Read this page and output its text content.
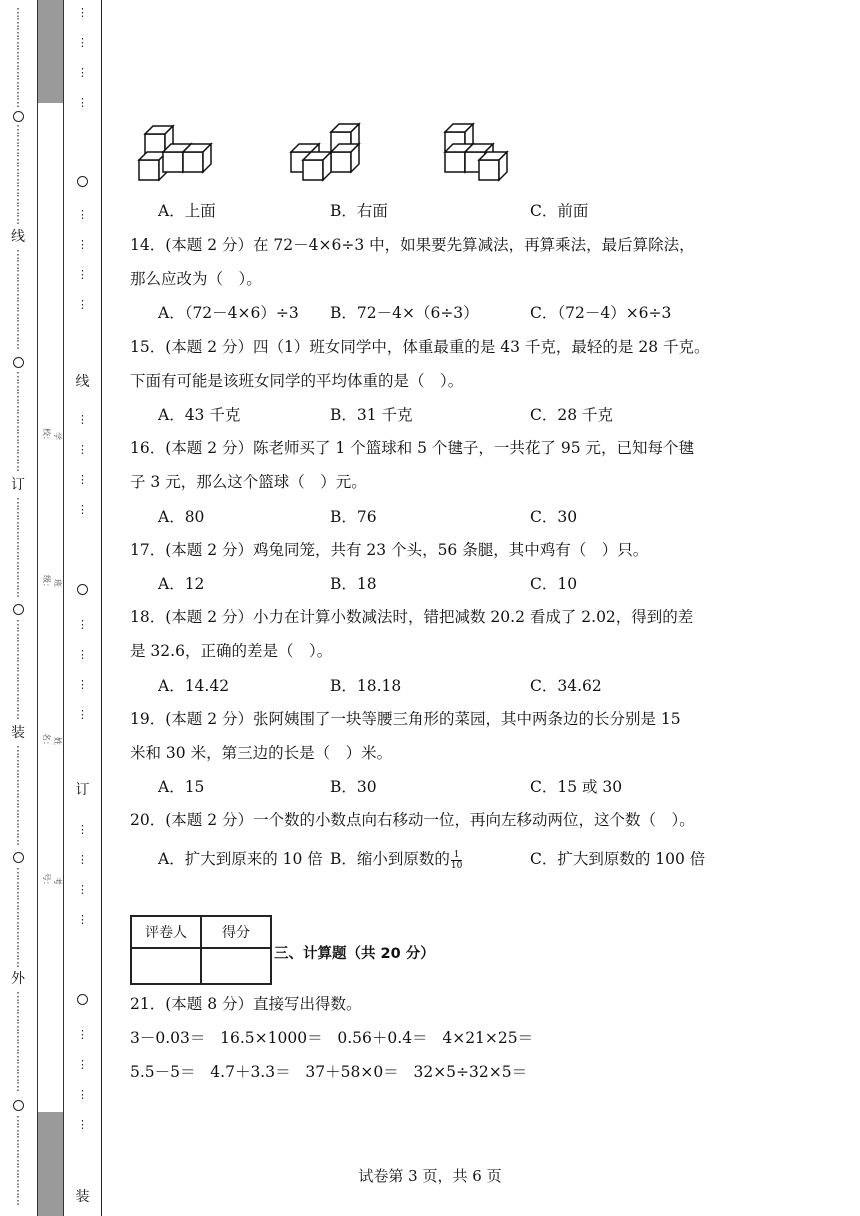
⋮
⋮
⋮
⋮
⋮
⋮
⋮
⋮
⋮
⋮
⋮
⋮
⋮
⋮
⋮
⋮
⋮
⋮
⋮
⋮
线
⋮
⋮
⋮
⋮
⋮
⋮
⋮
⋮
⋮
⋮
⋮
⋮
⋮
⋮
⋮
⋮
⋮
⋮
⋮
⋮
订
⋮
⋮
⋮
⋮
⋮
⋮
⋮
⋮
⋮
⋮
⋮
⋮
⋮
⋮
⋮
⋮
⋮
⋮
⋮
⋮
装
⋮
⋮
⋮
⋮
⋮
⋮
⋮
⋮
⋮
⋮
⋮
⋮
⋮
⋮
⋮
⋮
⋮
⋮
⋮
⋮
外
⋮
⋮
⋮
⋮
⋮
⋮
⋮
⋮
⋮
⋮
⋮
⋮
⋮
⋮
⋮
⋮
⋮
⋮
⋮
学校：
班级：
姓名：
考号：
⋮

⋮

⋮

⋮
⋮

⋮

⋮

⋮
线
⋮

⋮

⋮

⋮
⋮

⋮

⋮

⋮
订
⋮

⋮

⋮

⋮
⋮

⋮

⋮

⋮
装
A．上面	B．右面	C．前面
14．(本题 2 分）在 72－4×6÷3 中，如果要先算减法，再算乘法，最后算除法，
那么应改为（　）。
A．（72－4×6）÷3 B．72－4×（6÷3）	C．（72－4）×6÷3
15．(本题 2 分）四（1）班女同学中，体重最重的是 43 千克，最轻的是 28 千克。
下面有可能是该班女同学的平均体重的是（　）。
A．43 千克	B．31 千克	C．28 千克
16．(本题 2 分）陈老师买了 1 个篮球和 5 个毽子，一共花了 95 元，已知每个毽
子 3 元，那么这个篮球（　）元。
A．80	B．76	C．30
17．(本题 2 分）鸡兔同笼，共有 23 个头，56 条腿，其中鸡有（　）只。
A．12	B．18	C．10
18．(本题 2 分）小力在计算小数减法时，错把减数 20.2 看成了 2.02，得到的差
是 32.6，正确的差是（　）。
A．14.42	B．18.18	C．34.62
19．(本题 2 分）张阿姨围了一块等腰三角形的菜园，其中两条边的长分别是 15
米和 30 米，第三边的长是（　）米。
A．15	B．30	C．15 或 30
20．(本题 2 分）一个数的小数点向右移动一位，再向左移动两位，这个数（　）。
A．扩大到原来的 10 倍 B．缩小到原数的 $\frac{1}{10}$	C．扩大到原数的 100 倍
评卷人	得分

三、计算题（共 20 分）
21．(本题 8 分）直接写出得数。
3－0.03＝ 16.5×1000＝ 0.56＋0.4＝ 4×21×25＝
5.5－5＝ 4.7＋3.3＝ 37＋58×0＝ 32×5÷32×5＝
试卷第 3 页，共 6 页
